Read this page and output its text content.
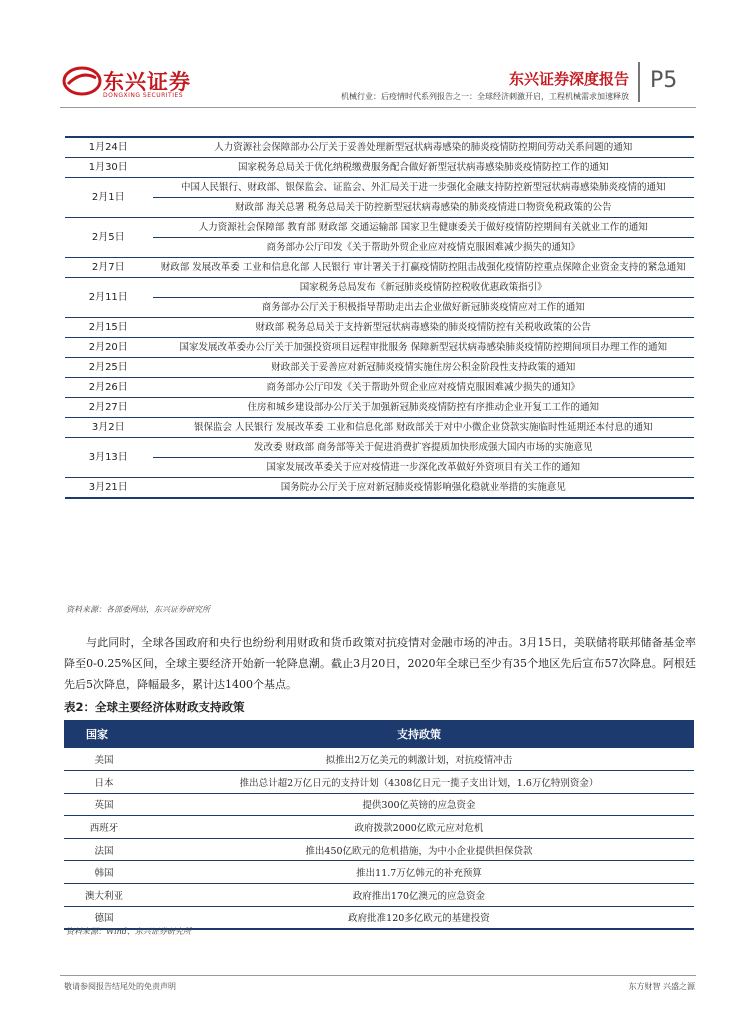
东兴证券
DONGXING SECURITIES
东兴证券深度报告
机械行业：后疫情时代系列报告之一：全球经济刺激开启，工程机械需求加速释放
P5
1月24日	人力资源社会保障部办公厅关于妥善处理新型冠状病毒感染的肺炎疫情防控期间劳动关系问题的通知
1月30日	国家税务总局关于优化纳税缴费服务配合做好新型冠状病毒感染肺炎疫情防控工作的通知
2月1日	中国人民银行、财政部、银保监会、证监会、外汇局关于进一步强化金融支持防控新型冠状病毒感染肺炎疫情的通知
	财政部 海关总署 税务总局关于防控新型冠状病毒感染的肺炎疫情进口物资免税政策的公告
2月5日	人力资源社会保障部 教育部 财政部 交通运输部 国家卫生健康委关于做好疫情防控期间有关就业工作的通知
	商务部办公厅印发《关于帮助外贸企业应对疫情克服困难减少损失的通知》
2月7日	财政部 发展改革委 工业和信息化部 人民银行 审计署关于打赢疫情防控阻击战强化疫情防控重点保障企业资金支持的紧急通知
2月11日	国家税务总局发布《新冠肺炎疫情防控税收优惠政策指引》
	商务部办公厅关于积极指导帮助走出去企业做好新冠肺炎疫情应对工作的通知
2月15日	财政部 税务总局关于支持新型冠状病毒感染的肺炎疫情防控有关税收政策的公告
2月20日	国家发展改革委办公厅关于加强投资项目远程审批服务 保障新型冠状病毒感染肺炎疫情防控期间项目办理工作的通知
2月25日	财政部关于妥善应对新冠肺炎疫情实施住房公积金阶段性支持政策的通知
2月26日	商务部办公厅印发《关于帮助外贸企业应对疫情克服困难减少损失的通知》
2月27日	住房和城乡建设部办公厅关于加强新冠肺炎疫情防控有序推动企业开复工工作的通知
3月2日	银保监会 人民银行 发展改革委 工业和信息化部 财政部关于对中小微企业贷款实施临时性延期还本付息的通知
3月13日	发改委 财政部 商务部等关于促进消费扩容提质加快形成强大国内市场的实施意见
	国家发展改革委关于应对疫情进一步深化改革做好外资项目有关工作的通知
3月21日	国务院办公厅关于应对新冠肺炎疫情影响强化稳就业举措的实施意见
资料来源：各部委网站，东兴证券研究所

与此同时，全球各国政府和央行也纷纷利用财政和货币政策对抗疫情对金融市场的冲击。3月15日，美联储将联邦储备基金率降至0-0.25%区间，全球主要经济开始新一轮降息潮。截止3月20日，2020年全球已至少有35个地区先后宣布57次降息。阿根廷先后5次降息，降幅最多，累计达1400个基点。

表2：全球主要经济体财政支持政策
国家	支持政策
美国	拟推出2万亿美元的刺激计划，对抗疫情冲击
日本	推出总计超2万亿日元的支持计划（4308亿日元一揽子支出计划，1.6万亿特别资金）
英国	提供300亿英镑的应急资金
西班牙	政府拨款2000亿欧元应对危机
法国	推出450亿欧元的危机措施，为中小企业提供担保贷款
韩国	推出11.7万亿韩元的补充预算
澳大利亚	政府推出170亿澳元的应急资金
德国	政府批准120多亿欧元的基建投资
资料来源：Wind、东兴证券研究所
敬请参阅报告结尾处的免责声明	东方财智 兴盛之源
